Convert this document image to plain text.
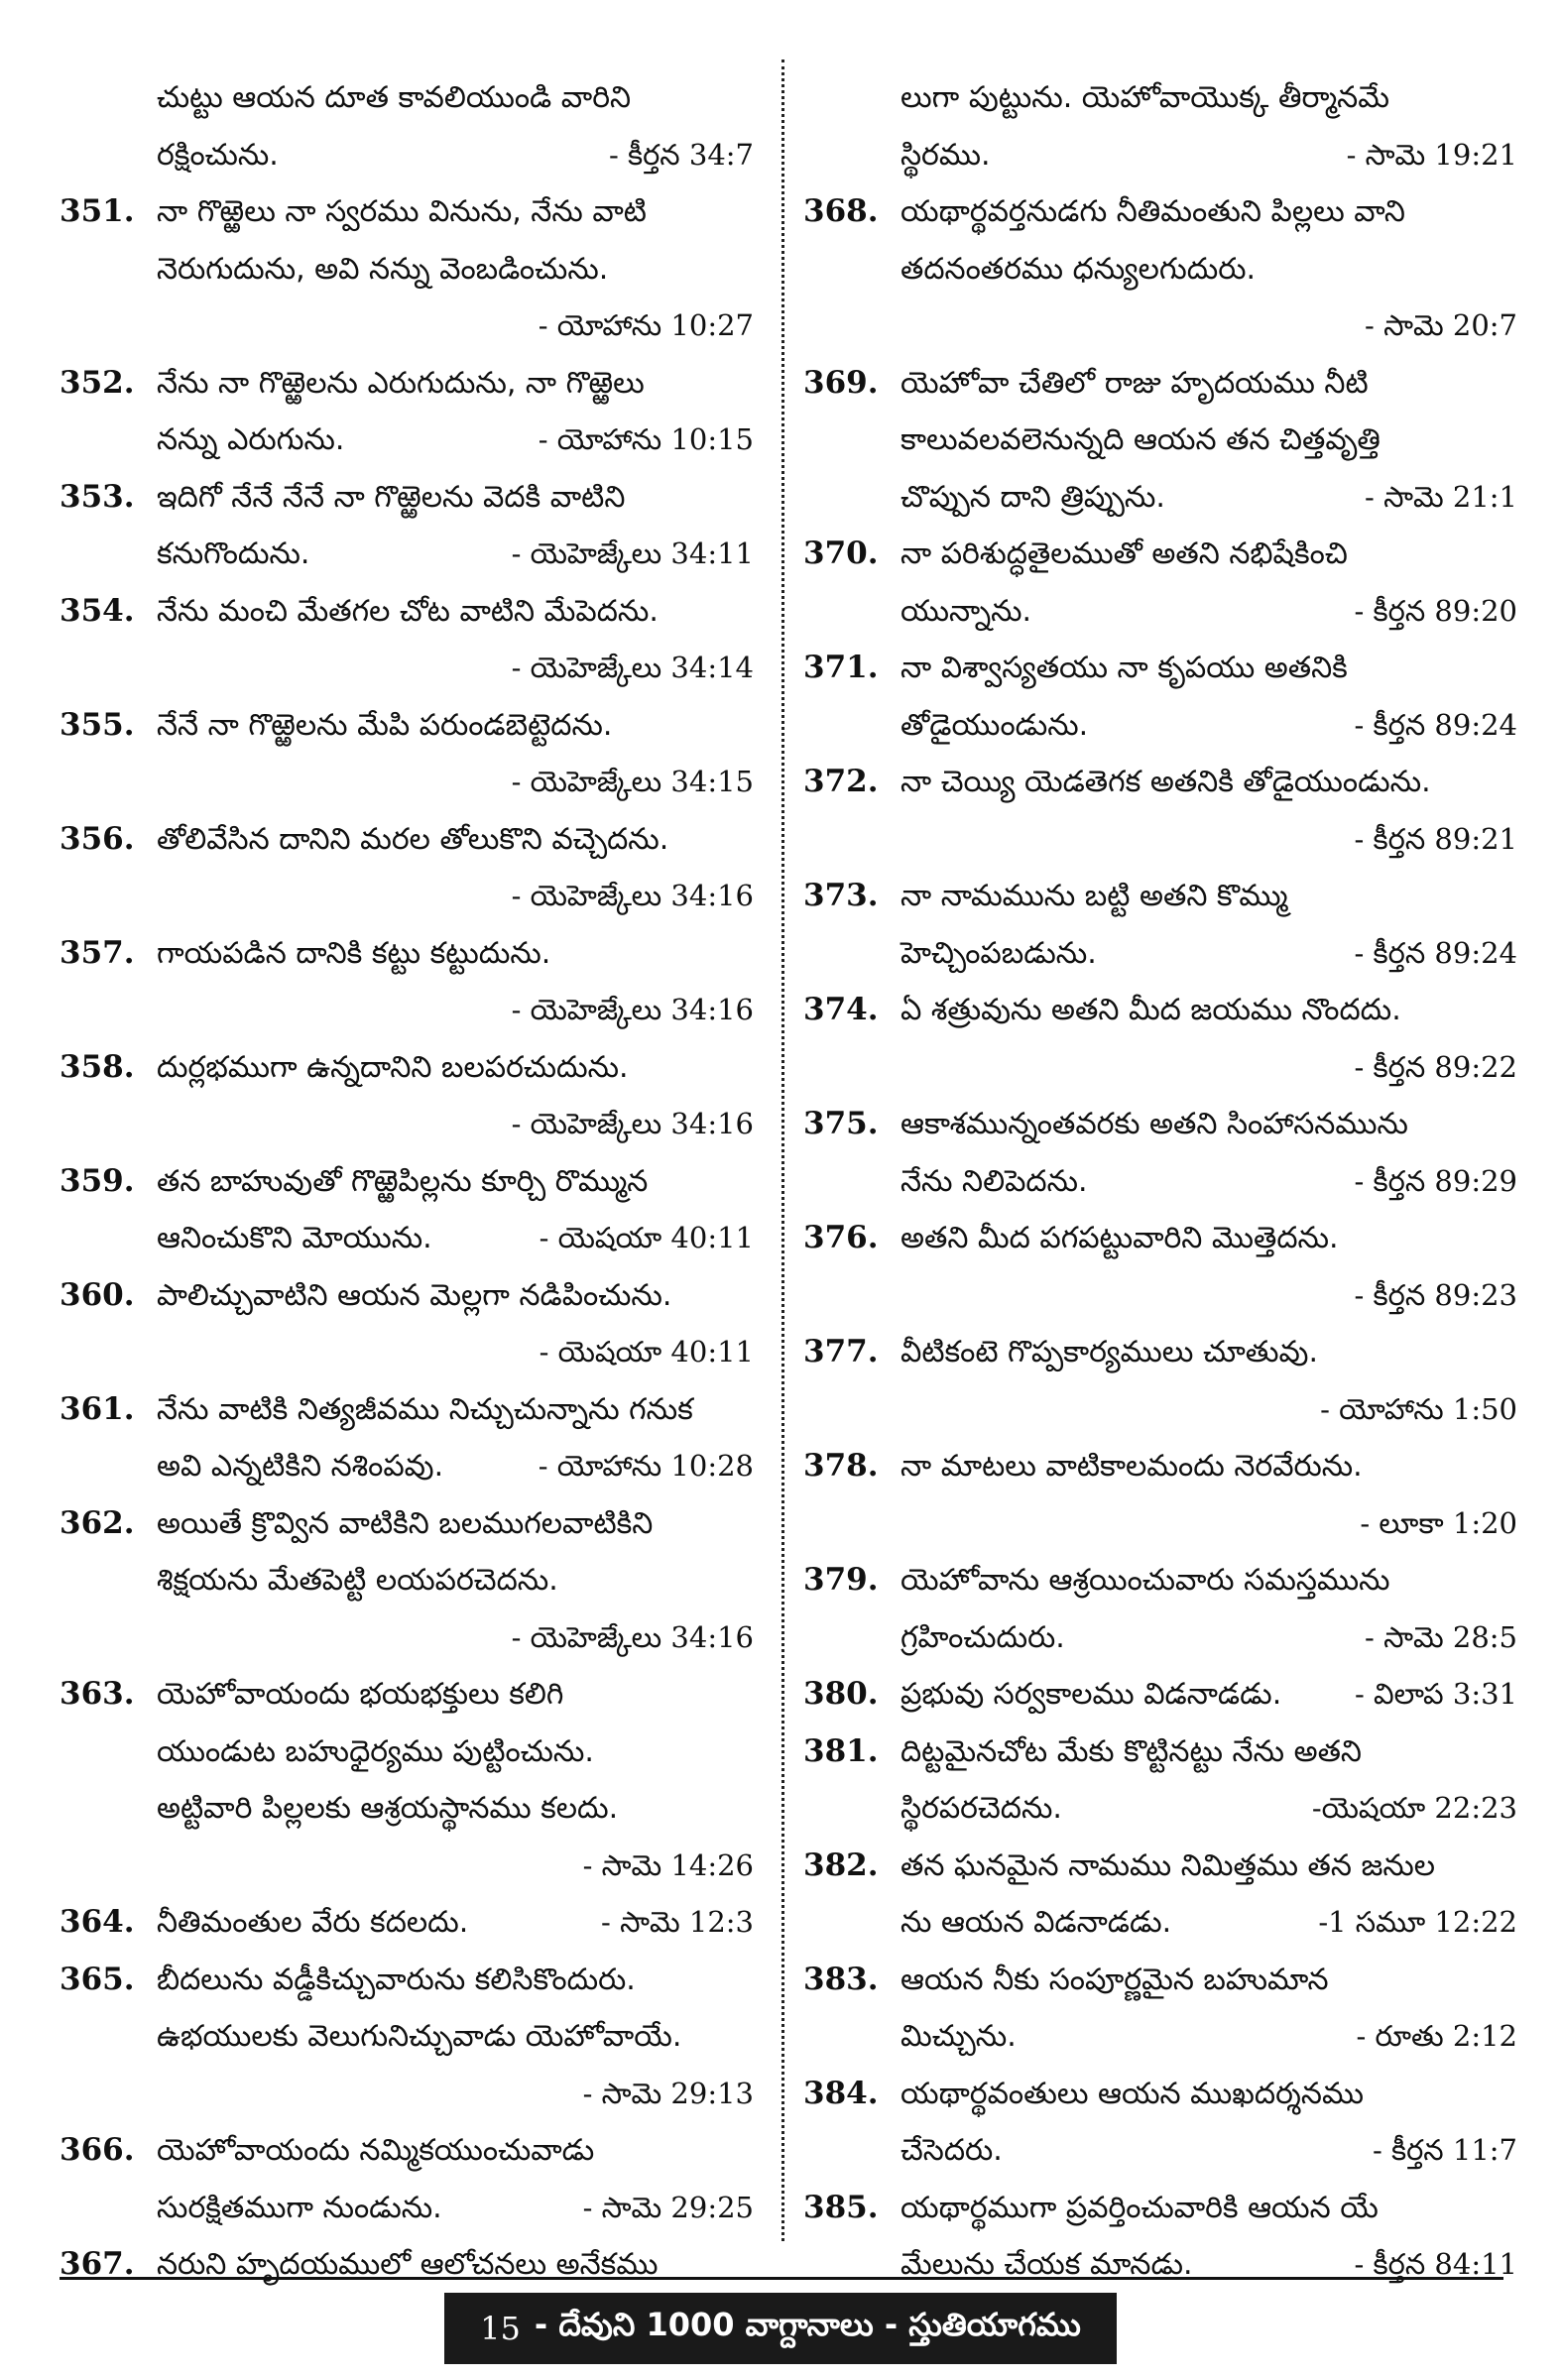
చుట్టు ఆయన దూత కావలియుండి వారిని
రక్షించును.	- కీర్తన 34:7
351. నా గొఱ్ఱెలు నా స్వరము వినును, నేను వాటి
నెరుగుదును, అవి నన్ను వెంబడించును.
- యోహాను 10:27
352. నేను నా గొఱ్ఱెలను ఎరుగుదును, నా గొఱ్ఱెలు
నన్ను ఎరుగును.	- యోహాను 10:15
353. ఇదిగో నేనే నేనే నా గొఱ్ఱెలను వెదకి వాటిని
కనుగొందును.	- యెహెజ్కేలు 34:11
354. నేను మంచి మేతగల చోట వాటిని మేపెదను.
- యెహెజ్కేలు 34:14
355. నేనే నా గొఱ్ఱెలను మేపి పరుండబెట్టెదను.
- యెహెజ్కేలు 34:15
356. తోలివేసిన దానిని మరల తోలుకొని వచ్చెదను.
- యెహెజ్కేలు 34:16
357. గాయపడిన దానికి కట్టు కట్టుదును.
- యెహెజ్కేలు 34:16
358. దుర్లభముగా ఉన్నదానిని బలపరచుదును.
- యెహెజ్కేలు 34:16
359. తన బాహువుతో గొఱ్ఱెపిల్లను కూర్చి రొమ్మున
ఆనించుకొని మోయును.	- యెషయా 40:11
360. పాలిచ్చువాటిని ఆయన మెల్లగా నడిపించును.
- యెషయా 40:11
361. నేను వాటికి నిత్యజీవము నిచ్చుచున్నాను గనుక
అవి ఎన్నటికిని నశింపవు.	- యోహాను 10:28
362. అయితే క్రొవ్విన వాటికిని బలముగలవాటికిని
శిక్షయను మేతపెట్టి లయపరచెదను.
- యెహెజ్కేలు 34:16
363. యెహోవాయందు భయభక్తులు కలిగి
యుండుట బహుధైర్యము పుట్టించును.
అట్టివారి పిల్లలకు ఆశ్రయస్థానము కలదు.
- సామె 14:26
364. నీతిమంతుల వేరు కదలదు.	- సామె 12:3
365. బీదలును వడ్డీకిచ్చువారును కలిసికొందురు.
ఉభయులకు వెలుగునిచ్చువాడు యెహోవాయే.
- సామె 29:13
366. యెహోవాయందు నమ్మికయుంచువాడు
సురక్షితముగా నుండును.	- సామె 29:25
367. నరుని హృదయములో ఆలోచనలు అనేకము
లుగా పుట్టును. యెహోవాయొక్క తీర్మానమే
స్థిరము.	- సామె 19:21
368. యథార్థవర్తనుడగు నీతిమంతుని పిల్లలు వాని
తదనంతరము ధన్యులగుదురు.
- సామె 20:7
369. యెహోవా చేతిలో రాజు హృదయము నీటి
కాలువలవలెనున్నది ఆయన తన చిత్తవృత్తి
చొప్పున దాని త్రిప్పును.	- సామె 21:1
370. నా పరిశుద్ధతైలముతో అతని నభిషేకించి
యున్నాను.	- కీర్తన 89:20
371. నా విశ్వాస్యతయు నా కృపయు అతనికి
తోడైయుండును.	- కీర్తన 89:24
372. నా చెయ్యి యెడతెగక అతనికి తోడైయుండును.
- కీర్తన 89:21
373. నా నామమును బట్టి అతని కొమ్ము
హెచ్చింపబడును.	- కీర్తన 89:24
374. ఏ శత్రువును అతని మీద జయము నొందదు.
- కీర్తన 89:22
375. ఆకాశమున్నంతవరకు అతని సింహాసనమును
నేను నిలిపెదను.	- కీర్తన 89:29
376. అతని మీద పగపట్టువారిని మొత్తెదను.
- కీర్తన 89:23
377. వీటికంటె గొప్పకార్యములు చూతువు.
- యోహాను 1:50
378. నా మాటలు వాటికాలమందు నెరవేరును.
- లూకా 1:20
379. యెహోవాను ఆశ్రయించువారు సమస్తమును
గ్రహించుదురు.	- సామె 28:5
380. ప్రభువు సర్వకాలము విడనాడడు.	- విలాప 3:31
381. దిట్టమైనచోట మేకు కొట్టినట్టు నేను అతని
స్థిరపరచెదను.	-యెషయా 22:23
382. తన ఘనమైన నామము నిమిత్తము తన జనుల
ను ఆయన విడనాడడు.	-1 సమూ 12:22
383. ఆయన నీకు సంపూర్ణమైన బహుమాన
మిచ్చును.	- రూతు 2:12
384. యథార్థవంతులు ఆయన ముఖదర్శనము
చేసెదరు.	- కీర్తన 11:7
385. యథార్థముగా ప్రవర్తించువారికి ఆయన యే
మేలును చేయక మానడు.	- కీర్తన 84:11
15 - దేవుని 1000 వాగ్దానాలు - స్తుతియాగము
